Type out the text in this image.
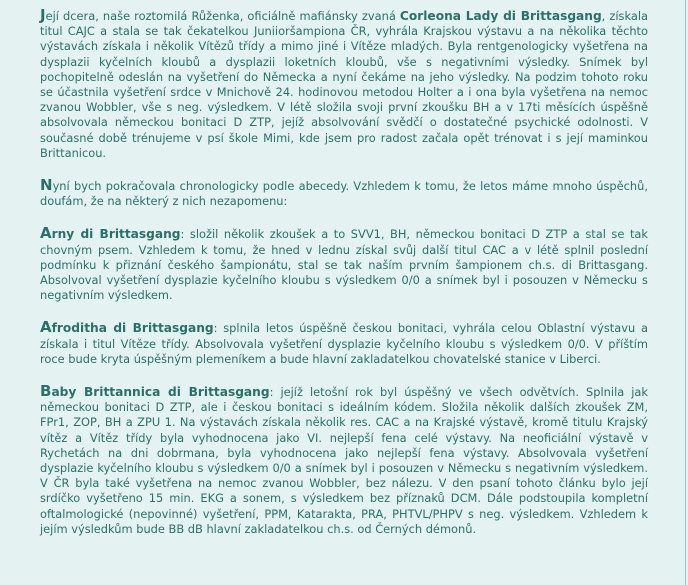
Její dcera, naše roztomilá Růženka, oficiálně mafiánsky zvaná Corleona Lady di Brittasgang, získala titul CAJC a stala se tak čekatelkou Juniioršampiona ČR, vyhrála Krajskou výstavu a na několika těchto výstavách získala i několik Vítězů třídy a mimo jiné i Vítěze mladých. Byla rentgenologicky vyšetřena na dysplazii kyčelních kloubů a dysplazii loketních kloubů, vše s negativními výsledky. Snímek byl pochopitelně odeslán na vyšetření do Německa a nyní čekáme na jeho výsledky. Na podzim tohoto roku se účastnila vyšetření srdce v Mnichově 24. hodinovou metodou Holter a i ona byla vyšetřena na nemoc zvanou Wobbler, vše s neg. výsledkem. V létě složila svoji první zkoušku BH a v 17ti měsících úspěšně absolvovala německou bonitaci D ZTP, jejíž absolvování svědčí o dostatečné psychické odolnosti. V současné době trénujeme v psí škole Mimi, kde jsem pro radost začala opět trénovat i s její maminkou Brittanicou.

Nyní bych pokračovala chronologicky podle abecedy. Vzhledem k tomu, že letos máme mnoho úspěchů, doufám, že na některý z nich nezapomenu:

Arny di Brittasgang: složil několik zkoušek a to SVV1, BH, německou bonitaci D ZTP a stal se tak chovným psem. Vzhledem k tomu, že hned v lednu získal svůj další titul CAC a v létě splnil poslední podmínku k přiznání českého šampionátu, stal se tak naším prvním šampionem ch.s. di Brittasgang. Absolvoval vyšetření dysplazie kyčelního kloubu s výsledkem 0/0 a snímek byl i posouzen v Německu s negativním výsledkem.

Afroditha di Brittasgang: splnila letos úspěšně českou bonitaci, vyhrála celou Oblastní výstavu a získala i titul Vítěze třídy. Absolvovala vyšetření dysplazie kyčelního kloubu s výsledkem 0/0. V příštím roce bude kryta úspěšným plemeníkem a bude hlavní zakladatelkou chovatelské stanice v Liberci.

Baby Brittannica di Brittasgang: jejíž letošní rok byl úspěšný ve všech odvětvích. Splnila jak německou bonitaci D ZTP, ale i českou bonitaci s ideálním kódem. Složila několik dalších zkoušek ZM, FPr1, ZOP, BH a ZPU 1. Na výstavách získala několik res. CAC a na Krajské výstavě, kromě titulu Krajský vítěz a Vítěz třídy byla vyhodnocena jako VI. nejlepší fena celé výstavy. Na neoficiální výstavě v Rychetách na dni dobrmana, byla vyhodnocena jako nejlepší fena výstavy. Absolvovala vyšetření dysplazie kyčelního kloubu s výsledkem 0/0 a snímek byl i posouzen v Německu s negativním výsledkem. V ČR byla také vyšetřena na nemoc zvanou Wobbler, bez nálezu. V den psaní tohoto článku bylo její srdíčko vyšetřeno 15 min. EKG a sonem, s výsledkem bez příznaků DCM. Dále podstoupila kompletní oftalmologické (nepovinné) vyšetření, PPM, Katarakta, PRA, PHTVL/PHPV s neg. výsledkem. Vzhledem k jejím výsledkům bude BB dB hlavní zakladatelkou ch.s. od Černých démonů.
